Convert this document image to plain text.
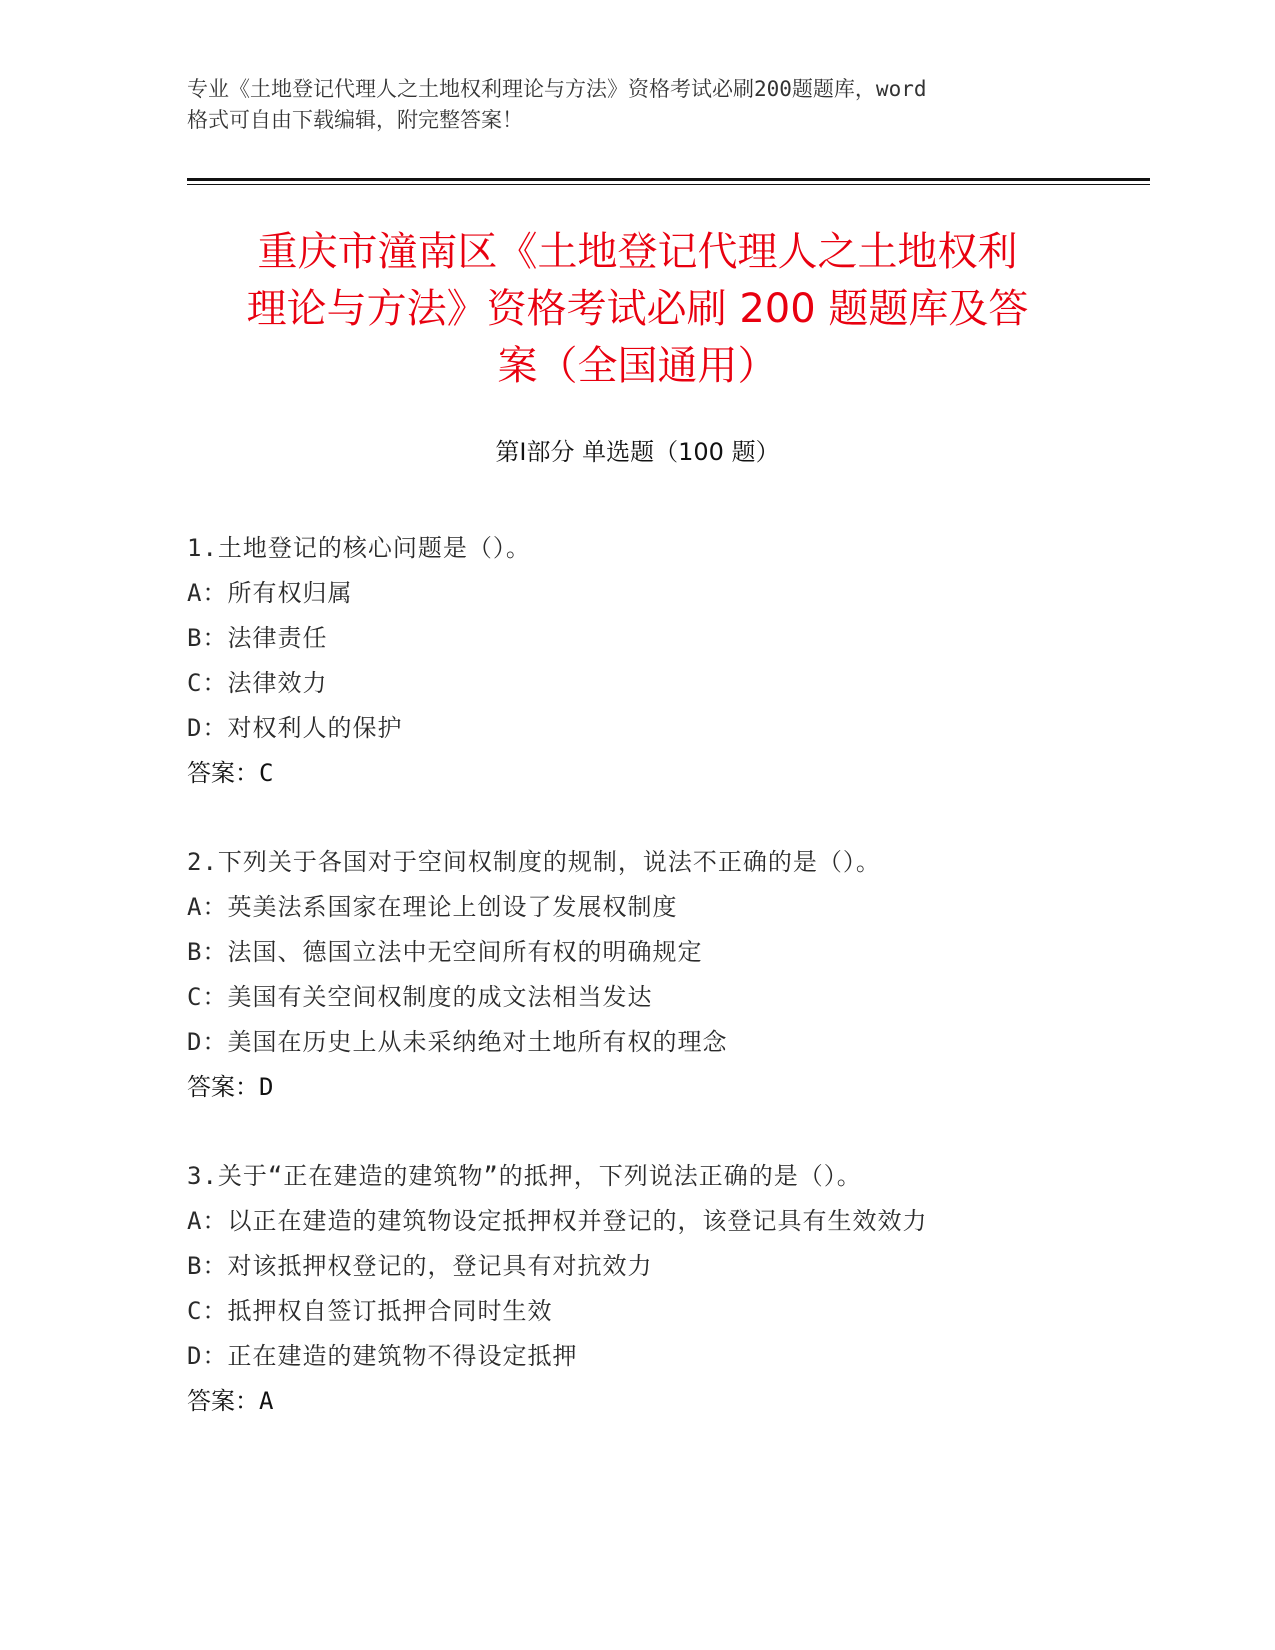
专业《土地登记代理人之土地权利理论与方法》资格考试必刷200题题库，word
格式可自由下载编辑，附完整答案！
重庆市潼南区《土地登记代理人之土地权利
理论与方法》资格考试必刷 200 题题库及答
案（全国通用）
第Ⅰ部分 单选题（100 题）
1.土地登记的核心问题是（）。
A：所有权归属
B：法律责任
C：法律效力
D：对权利人的保护
答案：C
2.下列关于各国对于空间权制度的规制，说法不正确的是（）。
A：英美法系国家在理论上创设了发展权制度
B：法国、德国立法中无空间所有权的明确规定
C：美国有关空间权制度的成文法相当发达
D：美国在历史上从未采纳绝对土地所有权的理念
答案：D
3.关于“正在建造的建筑物”的抵押，下列说法正确的是（）。
A：以正在建造的建筑物设定抵押权并登记的，该登记具有生效效力
B：对该抵押权登记的，登记具有对抗效力
C：抵押权自签订抵押合同时生效
D：正在建造的建筑物不得设定抵押
答案：A
